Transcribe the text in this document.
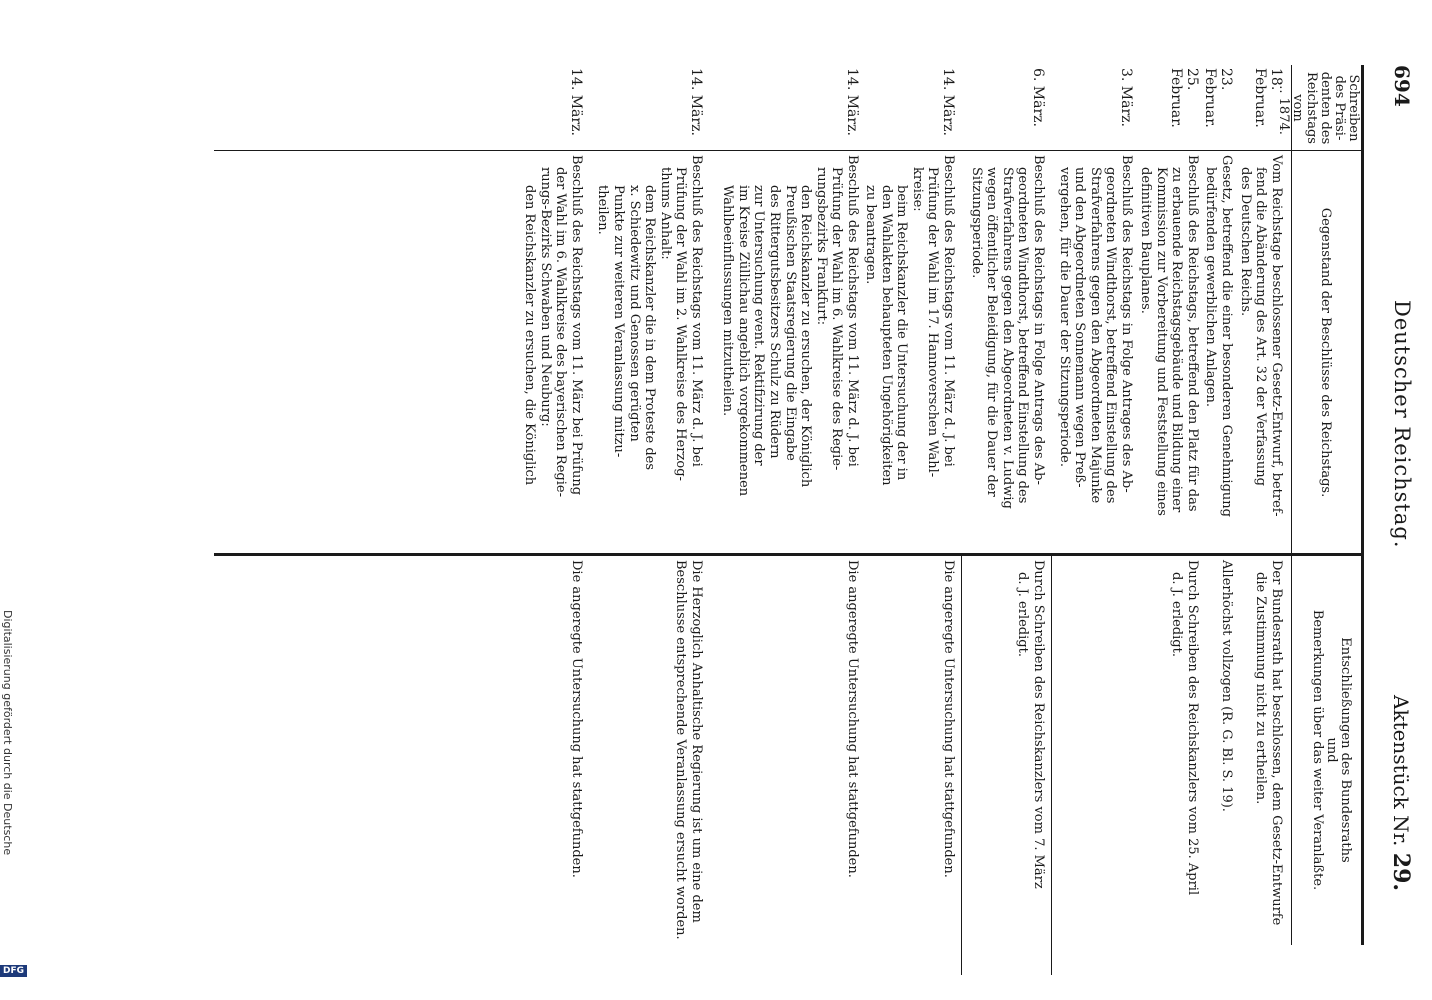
694
Deutscher Reichstag.
Aktenstück Nr. 29.
Schreiben
des Präsi-
denten des
Reichstags
vom
... 1874.
Gegenstand der Beschlüsse des Reichstags.
Entschließungen des Bundesraths
und
Bemerkungen über das weiter Veranlaßte.
18. Februar.

Vom Reichstage beschlossener Gesetz-Entwurf, betref-

fend die Abänderung des Art. 32 der Verfassung

des Deutschen Reichs.

Der Bundesrath hat beschlossen, dem Gesetz-Entwurfe

die Zustimmung nicht zu ertheilen.

23. Februar.

Gesetz, betreffend die einer besonderen Genehmigung

bedürfenden gewerblichen Anlagen.

Allerhöchst vollzogen (R. G. Bl. S. 19).

25. Februar.

Beschluß des Reichstags, betreffend den Platz für das

zu erbauende Reichstagsgebäude und Bildung einer

Kommission zur Vorbereitung und Feststellung eines

definitiven Bauplanes.

Durch Schreiben des Reichskanzlers vom 25. April

d. J. erledigt.

3. März.

Beschluß des Reichstags in Folge Antrages des Ab-

geordneten Windthorst, betreffend Einstellung des

Strafverfahrens gegen den Abgeordneten Majunke

und den Abgeordneten Sonnemann wegen Preß-

vergehen, für die Dauer der Sitzungsperiode.

6. März.

Beschluß des Reichstags in Folge Antrags des Ab-

geordneten Windthorst, betreffend Einstellung des

Strafverfahrens gegen den Abgeordneten v. Ludwig

wegen öffentlicher Beleidigung, für die Dauer der

Sitzungsperiode.

Durch Schreiben des Reichskanzlers vom 7. März

d. J. erledigt.

14. März.

Beschluß des Reichstags vom 11. März d. J. bei

Prüfung der Wahl im 17. Hannoverschen Wahl-

kreise:

beim Reichskanzler die Untersuchung der in

den Wahlakten behaupteten Ungehörigkeiten

zu beantragen.

Die angeregte Untersuchung hat stattgefunden.

14. März.

Beschluß des Reichstags vom 11. März d. J. bei

Prüfung der Wahl im 6. Wahlkreise des Regie-

rungsbezirks Frankfurt:

den Reichskanzler zu ersuchen, der Königlich

Preußischen Staatsregierung die Eingabe

des Rittergutsbesitzers Schulz zu Rüdern

zur Untersuchung event. Rektifizirung der

im Kreise Züllichau angeblich vorgekommenen

Wahlbeeinflussungen mitzutheilen.

Die angeregte Untersuchung hat stattgefunden.

14. März.

Beschluß des Reichstags vom 11. März d. J. bei

Prüfung der Wahl im 2. Wahlkreise des Herzog-

thums Anhalt:

dem Reichskanzler die in dem Proteste des

x. Schiedewitz und Genossen gerügten

Punkte zur weiteren Veranlassung mitzu-

theilen.

Die Herzoglich Anhaltische Regierung ist um eine dem

Beschlusse entsprechende Veranlassung ersucht worden.

14. März.

Beschluß des Reichstags vom 11. März bei Prüfung

der Wahl im 6. Wahlkreise des bayerischen Regie-

rungs-Bezirks Schwaben und Neuburg:

den Reichskanzler zu ersuchen, die Königlich

Die angeregte Untersuchung hat stattgefunden.

Digitalisierung gefördert durch die Deutsche
DFG
